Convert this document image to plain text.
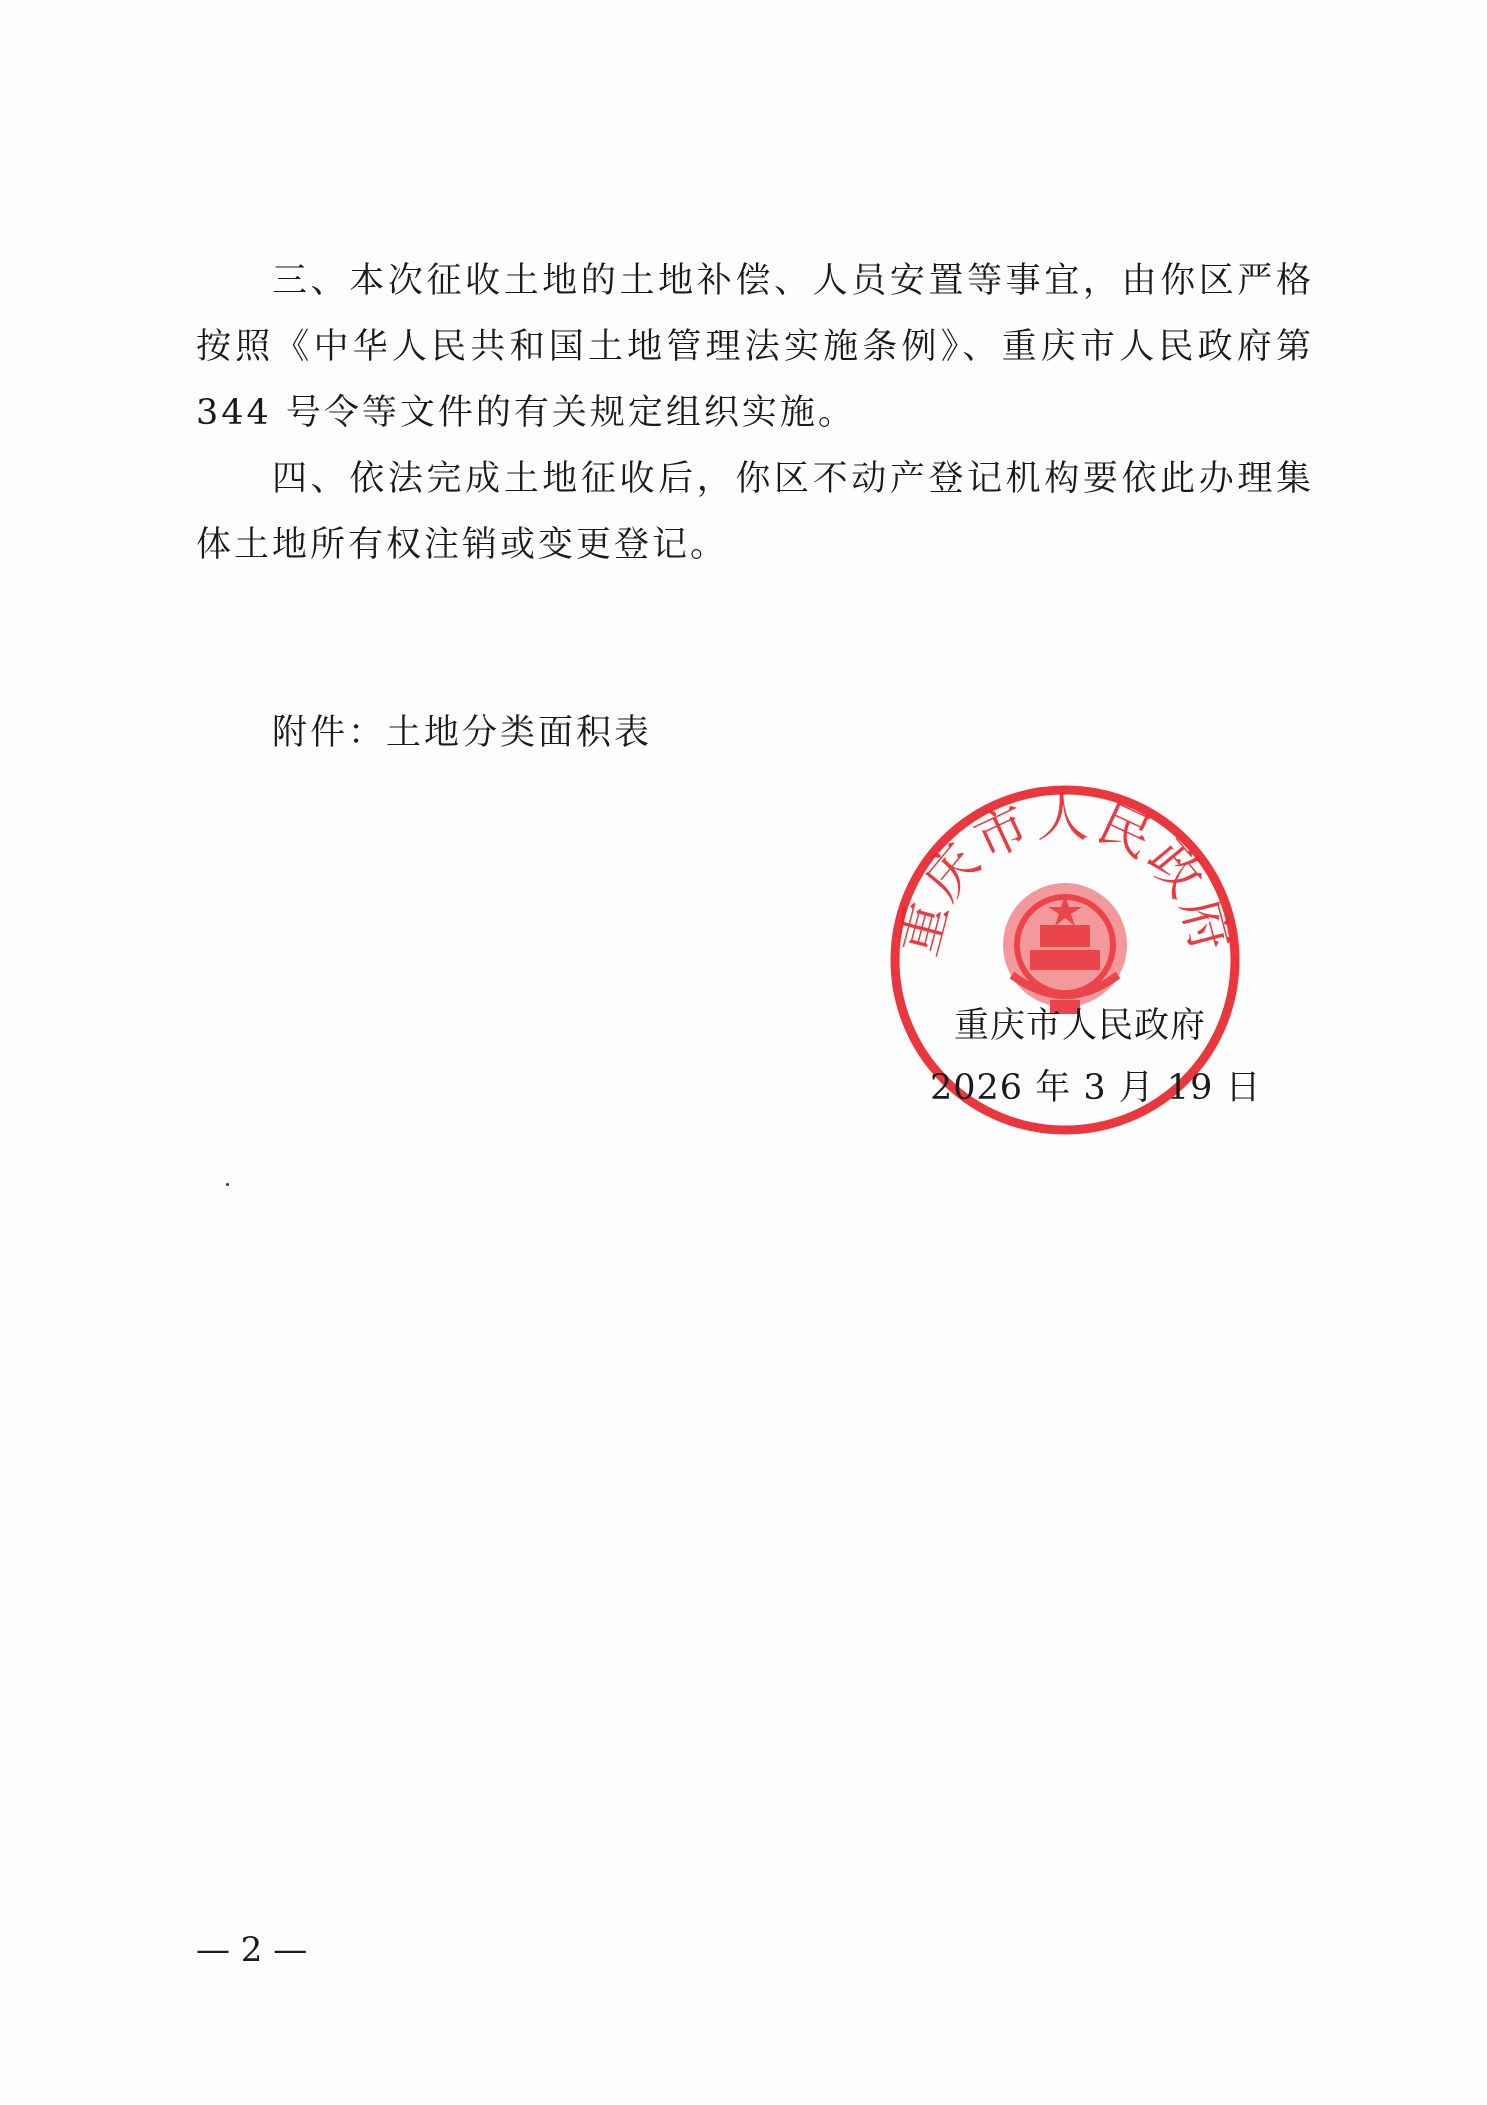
三、本次征收土地的土地补偿、人员安置等事宜，由你区严格按照《中华人民共和国土地管理法实施条例》、重庆市人民政府第 344 号令等文件的有关规定组织实施。

四、依法完成土地征收后，你区不动产登记机构要依此办理集体土地所有权注销或变更登记。

附件：土地分类面积表
重庆市人民政府
重庆市人民政府
2026 年 3 月 19 日
— 2 —
